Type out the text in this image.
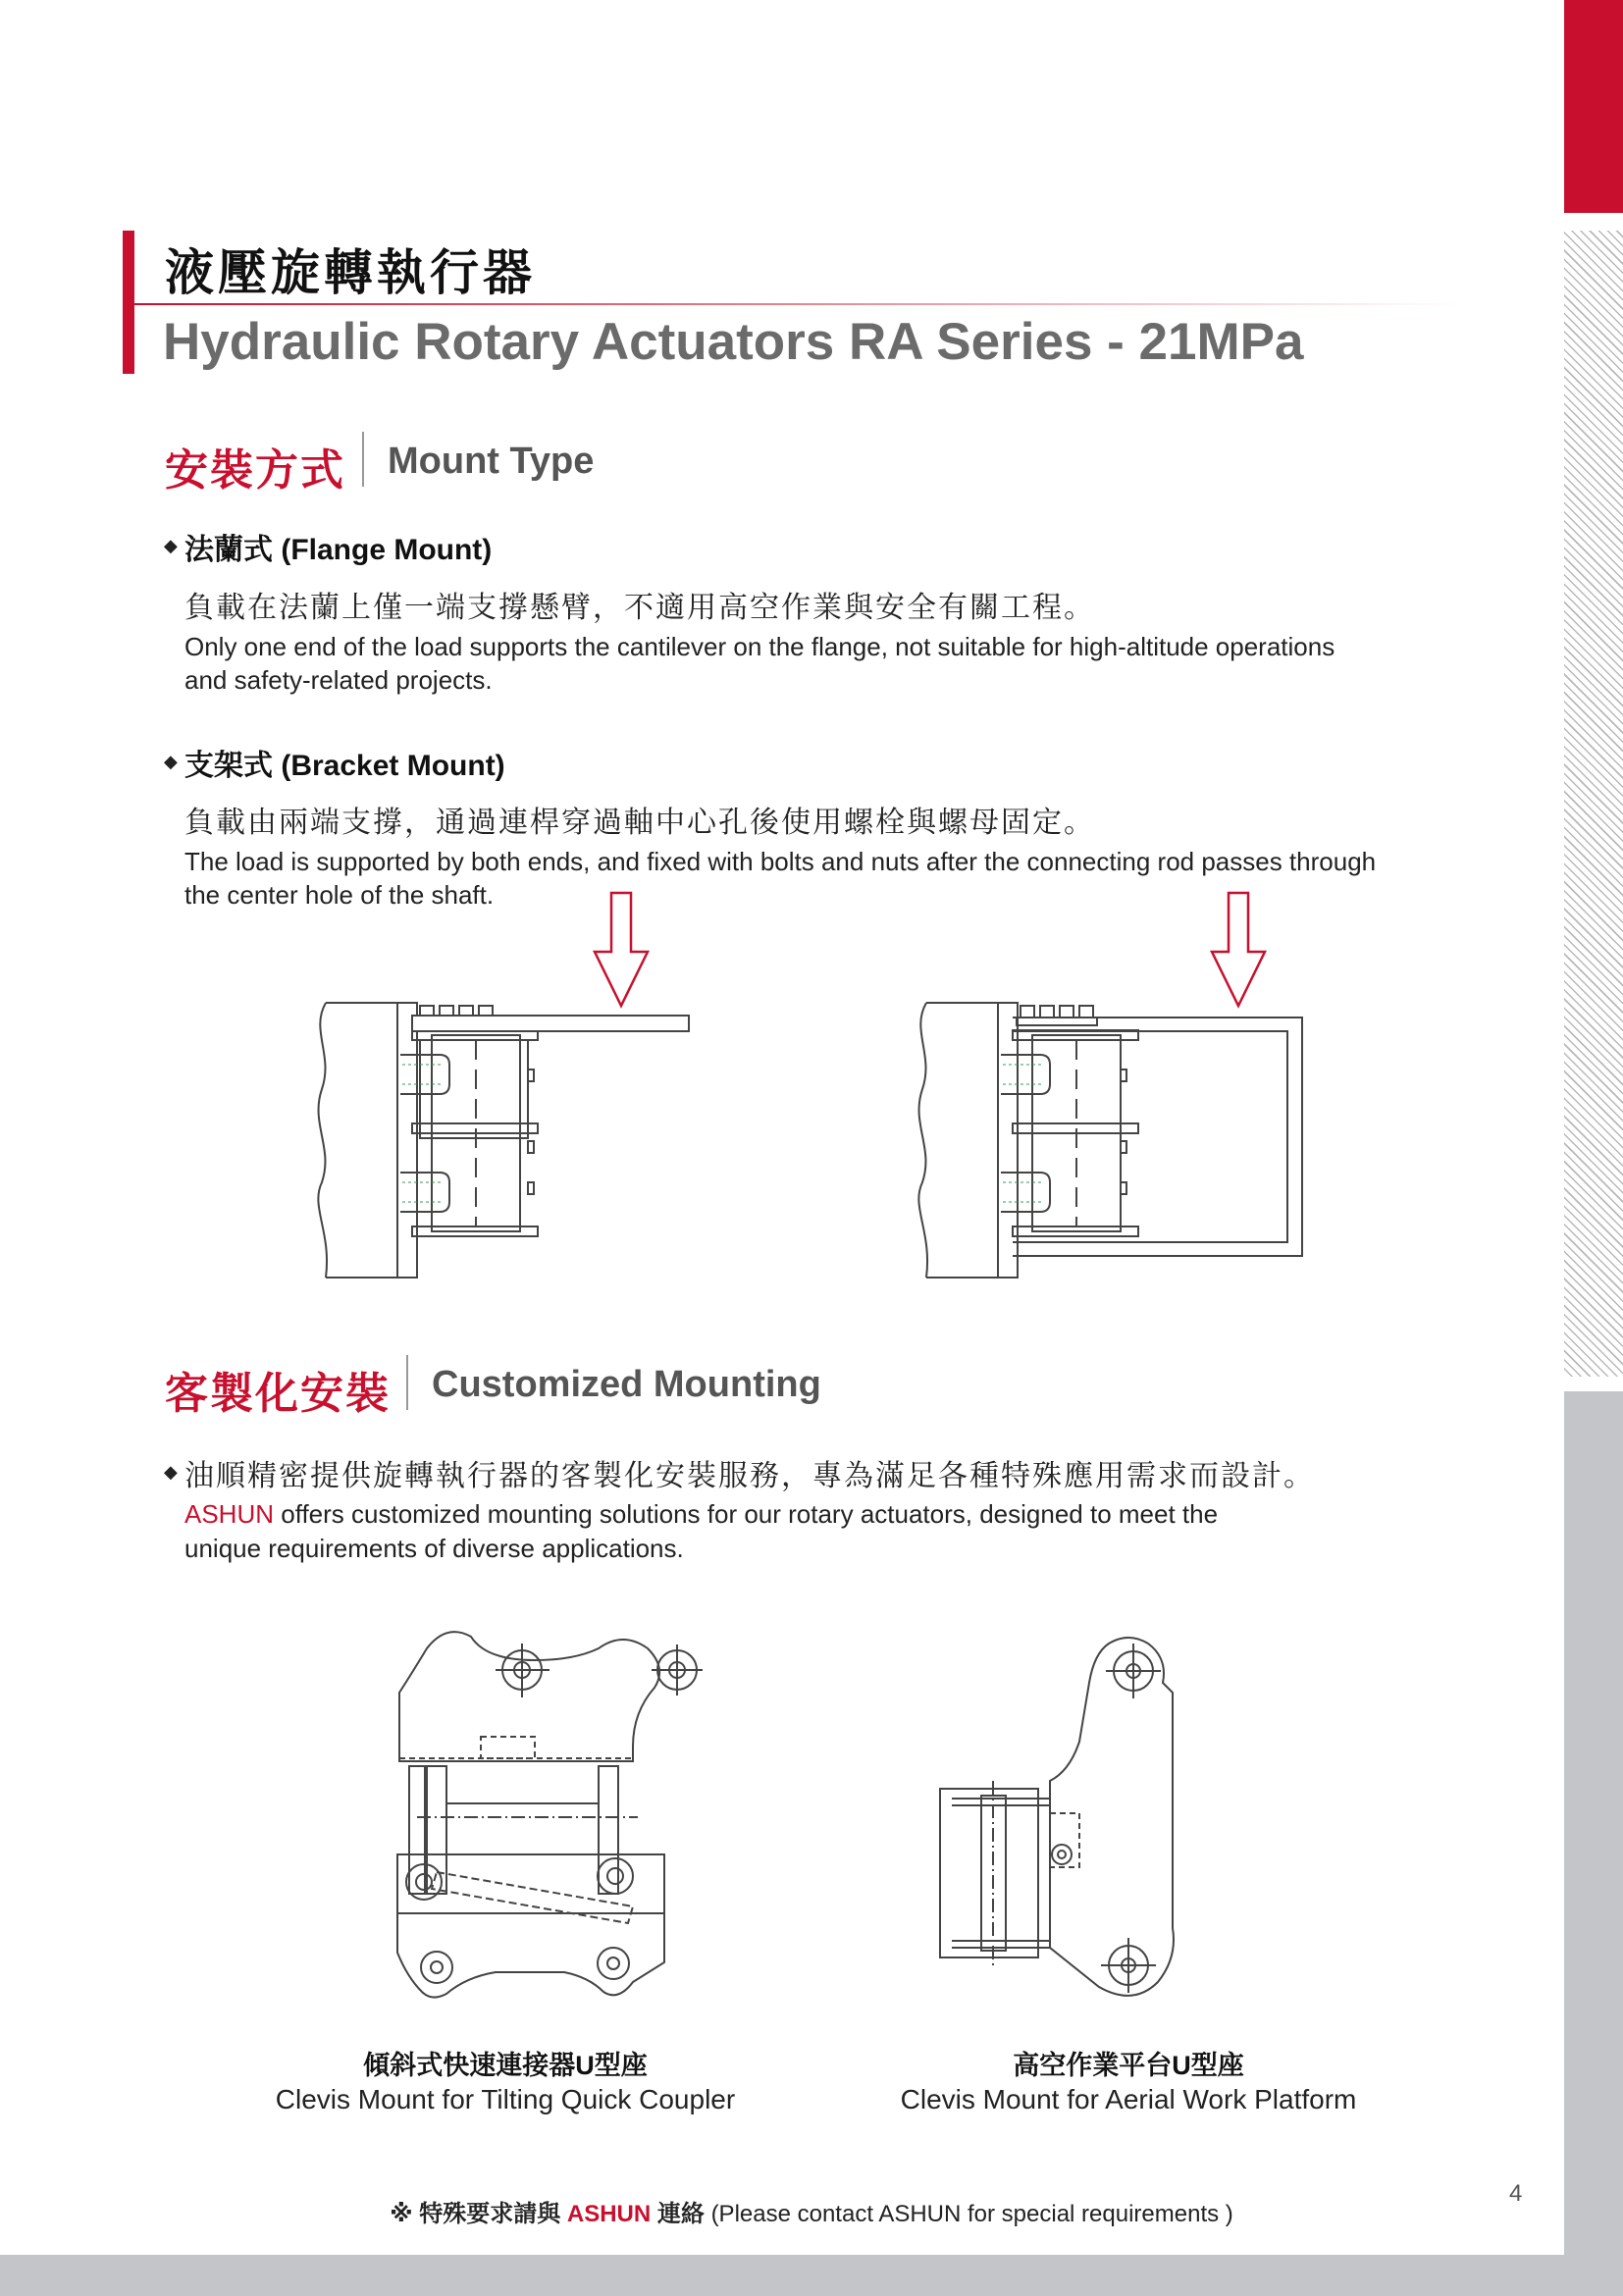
液壓旋轉執行器
Hydraulic Rotary Actuators RA Series - 21MPa
安裝方式 Mount Type
◆ 法蘭式 (Flange Mount)
負載在法蘭上僅一端支撐懸臂，不適用高空作業與安全有關工程。
Only one end of the load supports the cantilever on the flange, not suitable for high-altitude operations
and safety-related projects.
◆ 支架式 (Bracket Mount)
負載由兩端支撐，通過連桿穿過軸中心孔後使用螺栓與螺母固定。
The load is supported by both ends, and fixed with bolts and nuts after the connecting rod passes through
the center hole of the shaft.
客製化安裝 Customized Mounting
◆ 油順精密提供旋轉執行器的客製化安裝服務，專為滿足各種特殊應用需求而設計。
ASHUN offers customized mounting solutions for our rotary actuators, designed to meet the
unique requirements of diverse applications.
傾斜式快速連接器U型座
Clevis Mount for Tilting Quick Coupler
高空作業平台U型座
Clevis Mount for Aerial Work Platform
※ 特殊要求請與 ASHUN 連絡 (Please contact ASHUN for special requirements )
4
